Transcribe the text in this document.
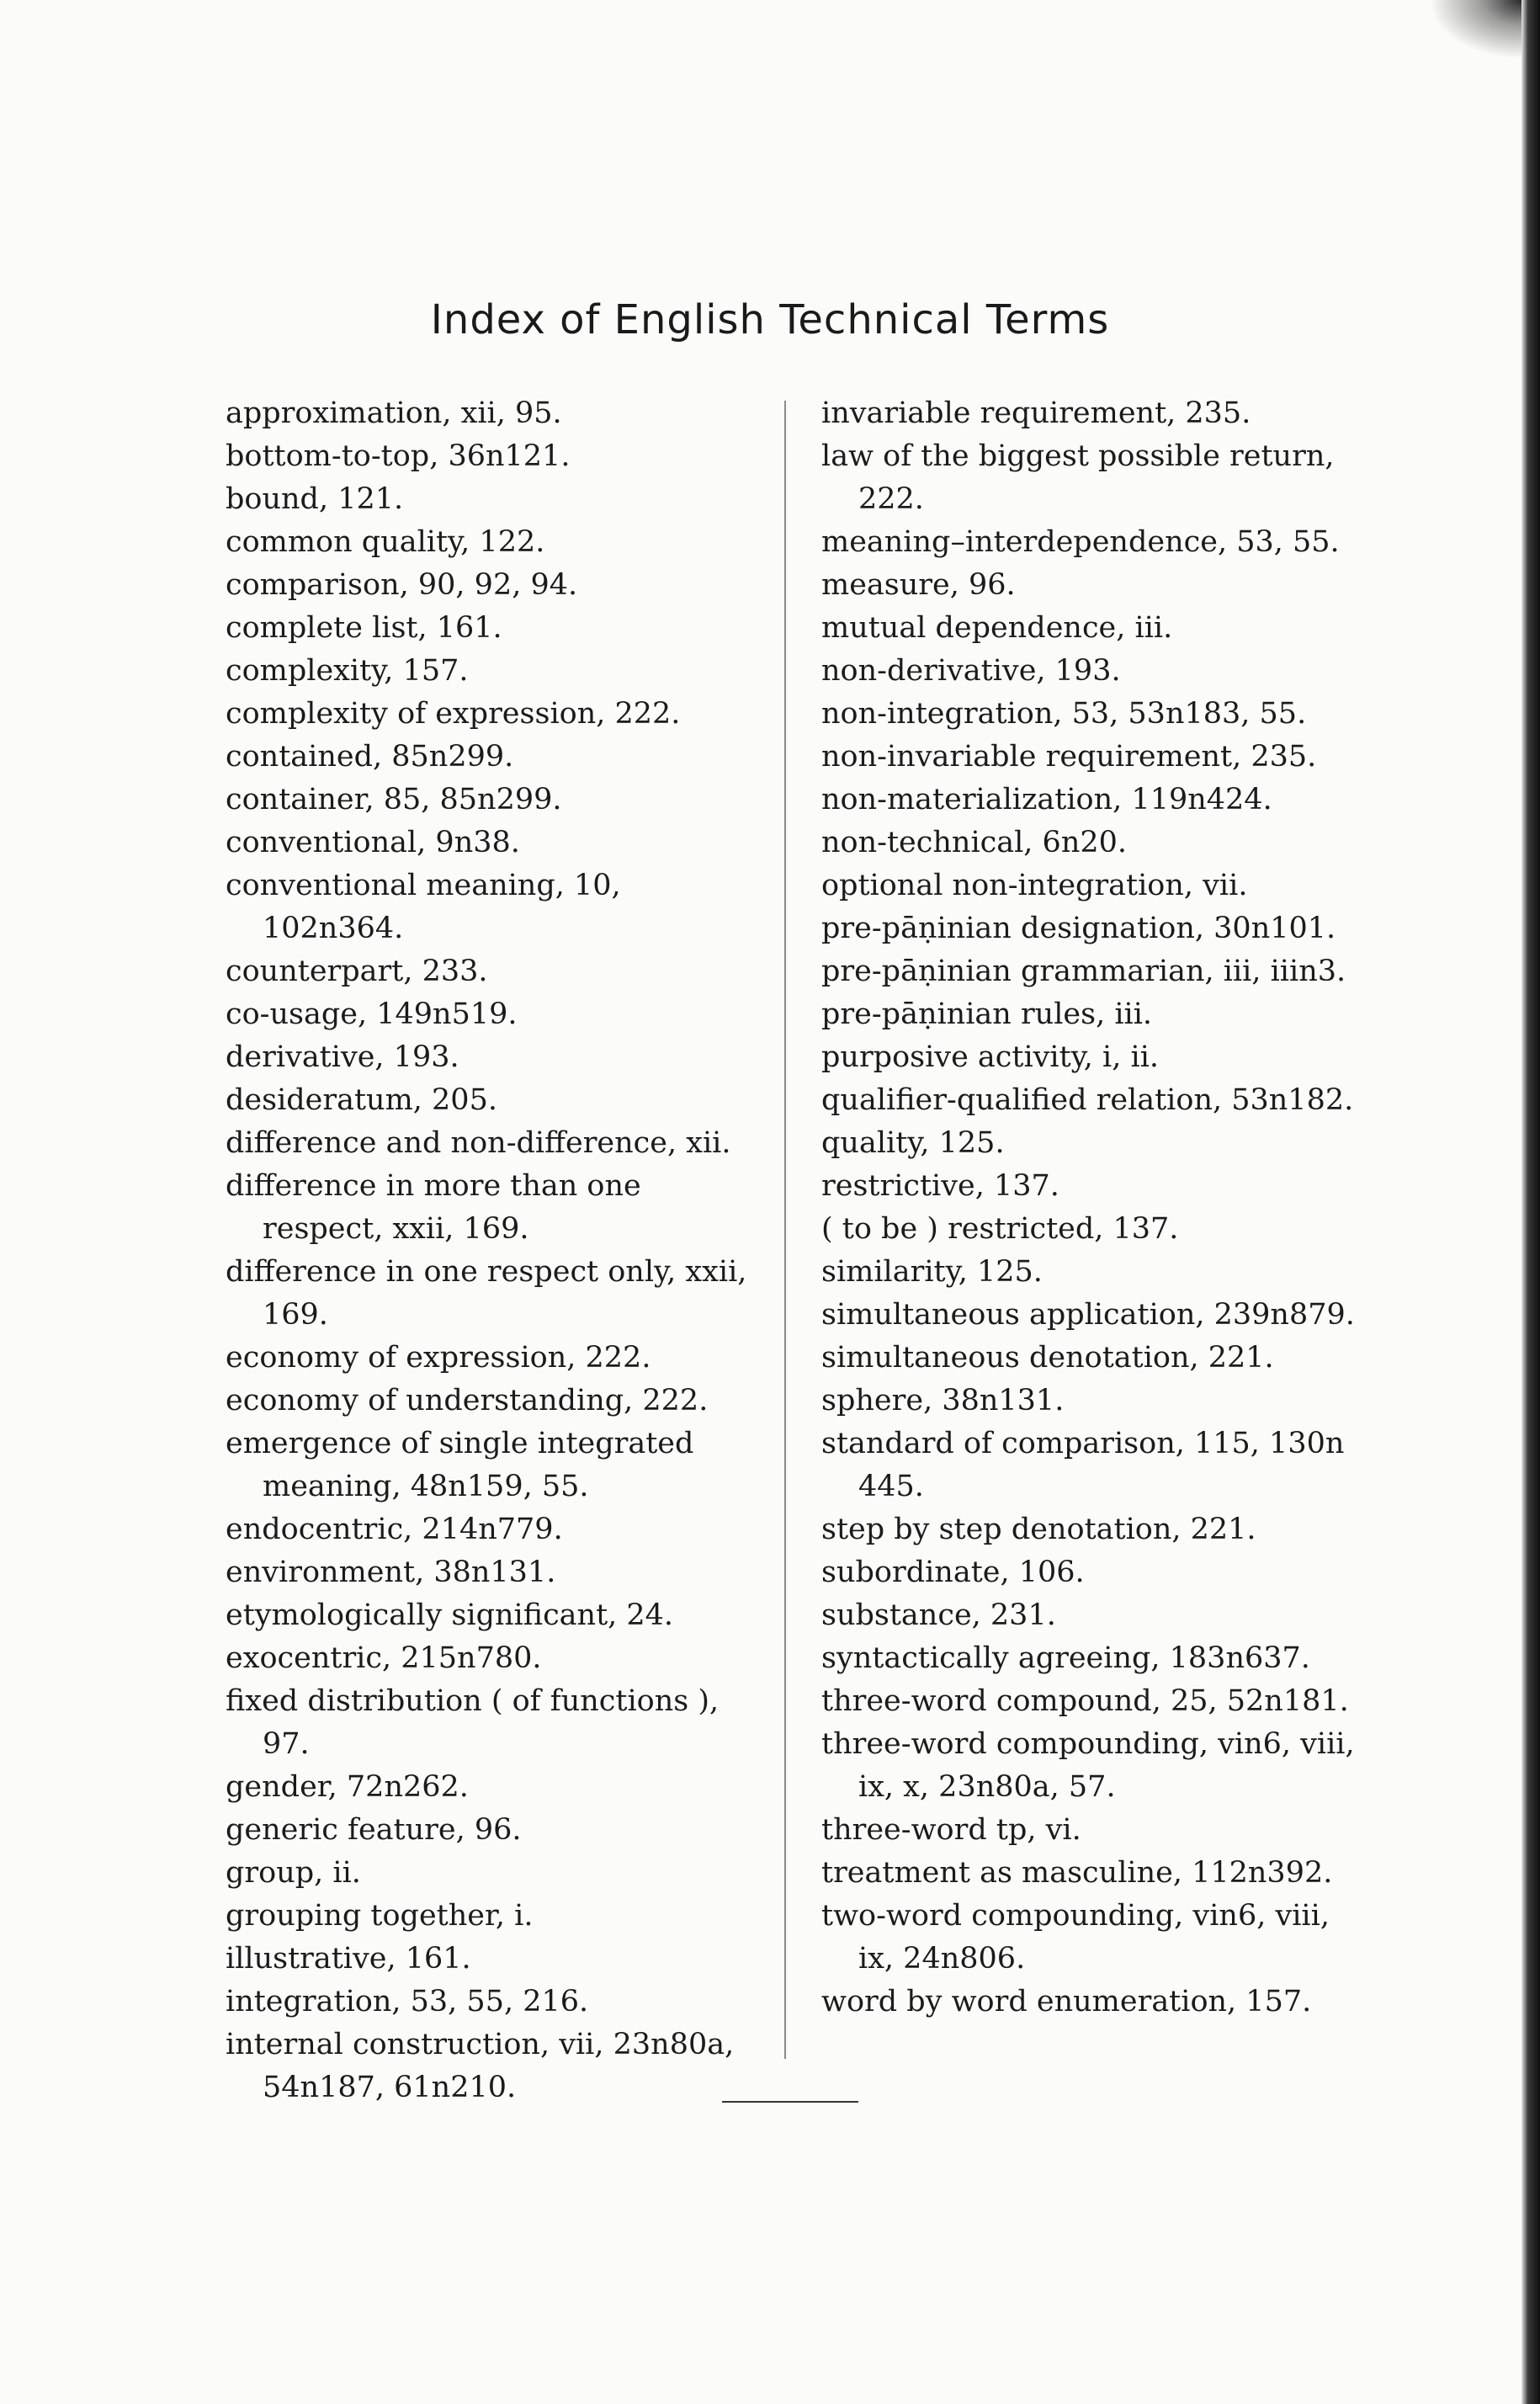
Index of English Technical Terms
approximation, xii, 95.
bottom-to-top, 36n121.
bound, 121.
common quality, 122.
comparison, 90, 92, 94.
complete list, 161.
complexity, 157.
complexity of expression, 222.
contained, 85n299.
container, 85, 85n299.
conventional, 9n38.
conventional meaning, 10, 102n364.
counterpart, 233.
co-usage, 149n519.
derivative, 193.
desideratum, 205.
difference and non-difference, xii.
difference in more than one respect, xxii, 169.
difference in one respect only, xxii, 169.
economy of expression, 222.
economy of understanding, 222.
emergence of single integrated meaning, 48n159, 55.
endocentric, 214n779.
environment, 38n131.
etymologically significant, 24.
exocentric, 215n780.
fixed distribution ( of functions ), 97.
gender, 72n262.
generic feature, 96.
group, ii.
grouping together, i.
illustrative, 161.
integration, 53, 55, 216.
internal construction, vii, 23n80a, 54n187, 61n210.
invariable requirement, 235.
law of the biggest possible return, 222.
meaning–interdependence, 53, 55.
measure, 96.
mutual dependence, iii.
non-derivative, 193.
non-integration, 53, 53n183, 55.
non-invariable requirement, 235.
non-materialization, 119n424.
non-technical, 6n20.
optional non-integration, vii.
pre-pāṇinian designation, 30n101.
pre-pāṇinian grammarian, iii, iiin3.
pre-pāṇinian rules, iii.
purposive activity, i, ii.
qualifier-qualified relation, 53n182.
quality, 125.
restrictive, 137.
( to be ) restricted, 137.
similarity, 125.
simultaneous application, 239n879.
simultaneous denotation, 221.
sphere, 38n131.
standard of comparison, 115, 130n 445.
step by step denotation, 221.
subordinate, 106.
substance, 231.
syntactically agreeing, 183n637.
three-word compound, 25, 52n181.
three-word compounding, vin6, viii, ix, x, 23n80a, 57.
three-word tp, vi.
treatment as masculine, 112n392.
two-word compounding, vin6, viii, ix, 24n806.
word by word enumeration, 157.
